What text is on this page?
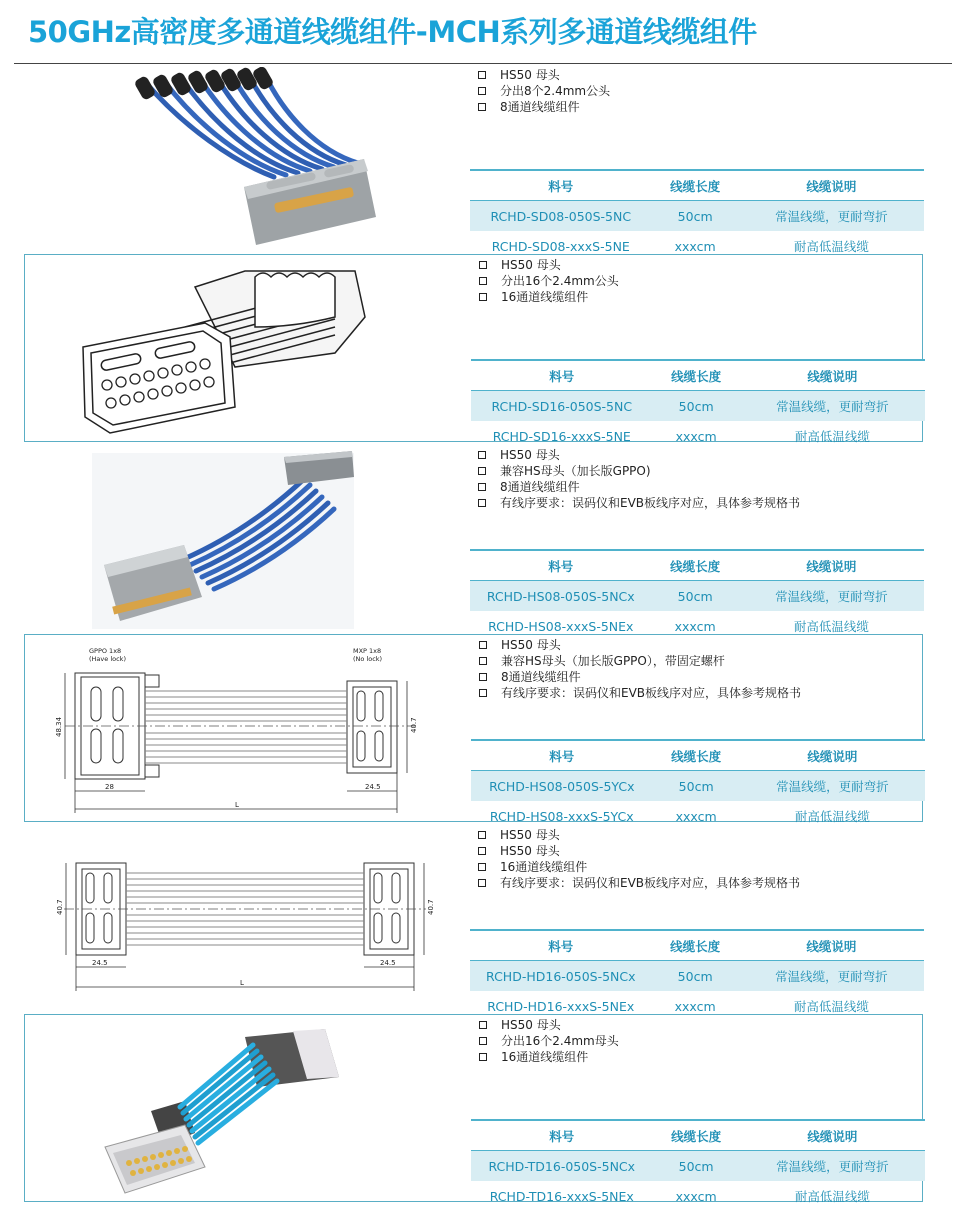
50GHz高密度多通道线缆组件-MCH系列多通道线缆组件
HS50 母头
分出8个2.4mm公头
8通道线缆组件
料号	线缆长度	线缆说明
RCHD-SD08-050S-5NC	50cm	常温线缆，更耐弯折
RCHD-SD08-xxxS-5NE	xxxcm	耐高低温线缆
HS50 母头
分出16个2.4mm公头
16通道线缆组件
料号	线缆长度	线缆说明
RCHD-SD16-050S-5NC	50cm	常温线缆，更耐弯折
RCHD-SD16-xxxS-5NE	xxxcm	耐高低温线缆
HS50 母头
兼容HS母头（加长版GPPO)
8通道线缆组件
有线序要求：误码仪和EVB板线序对应，具体参考规格书
料号	线缆长度	线缆说明
RCHD-HS08-050S-5NCx	50cm	常温线缆，更耐弯折
RCHD-HS08-xxxS-5NEx	xxxcm	耐高低温线缆
GPPO 1x8
(Have lock)
MXP 1x8
(No lock)
48.34	40.7
28	24.5
L
HS50 母头
兼容HS母头（加长版GPPO），带固定螺杆
8通道线缆组件
有线序要求：误码仪和EVB板线序对应，具体参考规格书
料号	线缆长度	线缆说明
RCHD-HS08-050S-5YCx	50cm	常温线缆，更耐弯折
RCHD-HS08-xxxS-5YCx	xxxcm	耐高低温线缆
40.7	40.7
24.5	24.5
L
HS50 母头
HS50 母头
16通道线缆组件
有线序要求：误码仪和EVB板线序对应，具体参考规格书
料号	线缆长度	线缆说明
RCHD-HD16-050S-5NCx	50cm	常温线缆，更耐弯折
RCHD-HD16-xxxS-5NEx	xxxcm	耐高低温线缆
HS50 母头
分出16个2.4mm母头
16通道线缆组件
料号	线缆长度	线缆说明
RCHD-TD16-050S-5NCx	50cm	常温线缆，更耐弯折
RCHD-TD16-xxxS-5NEx	xxxcm	耐高低温线缆
